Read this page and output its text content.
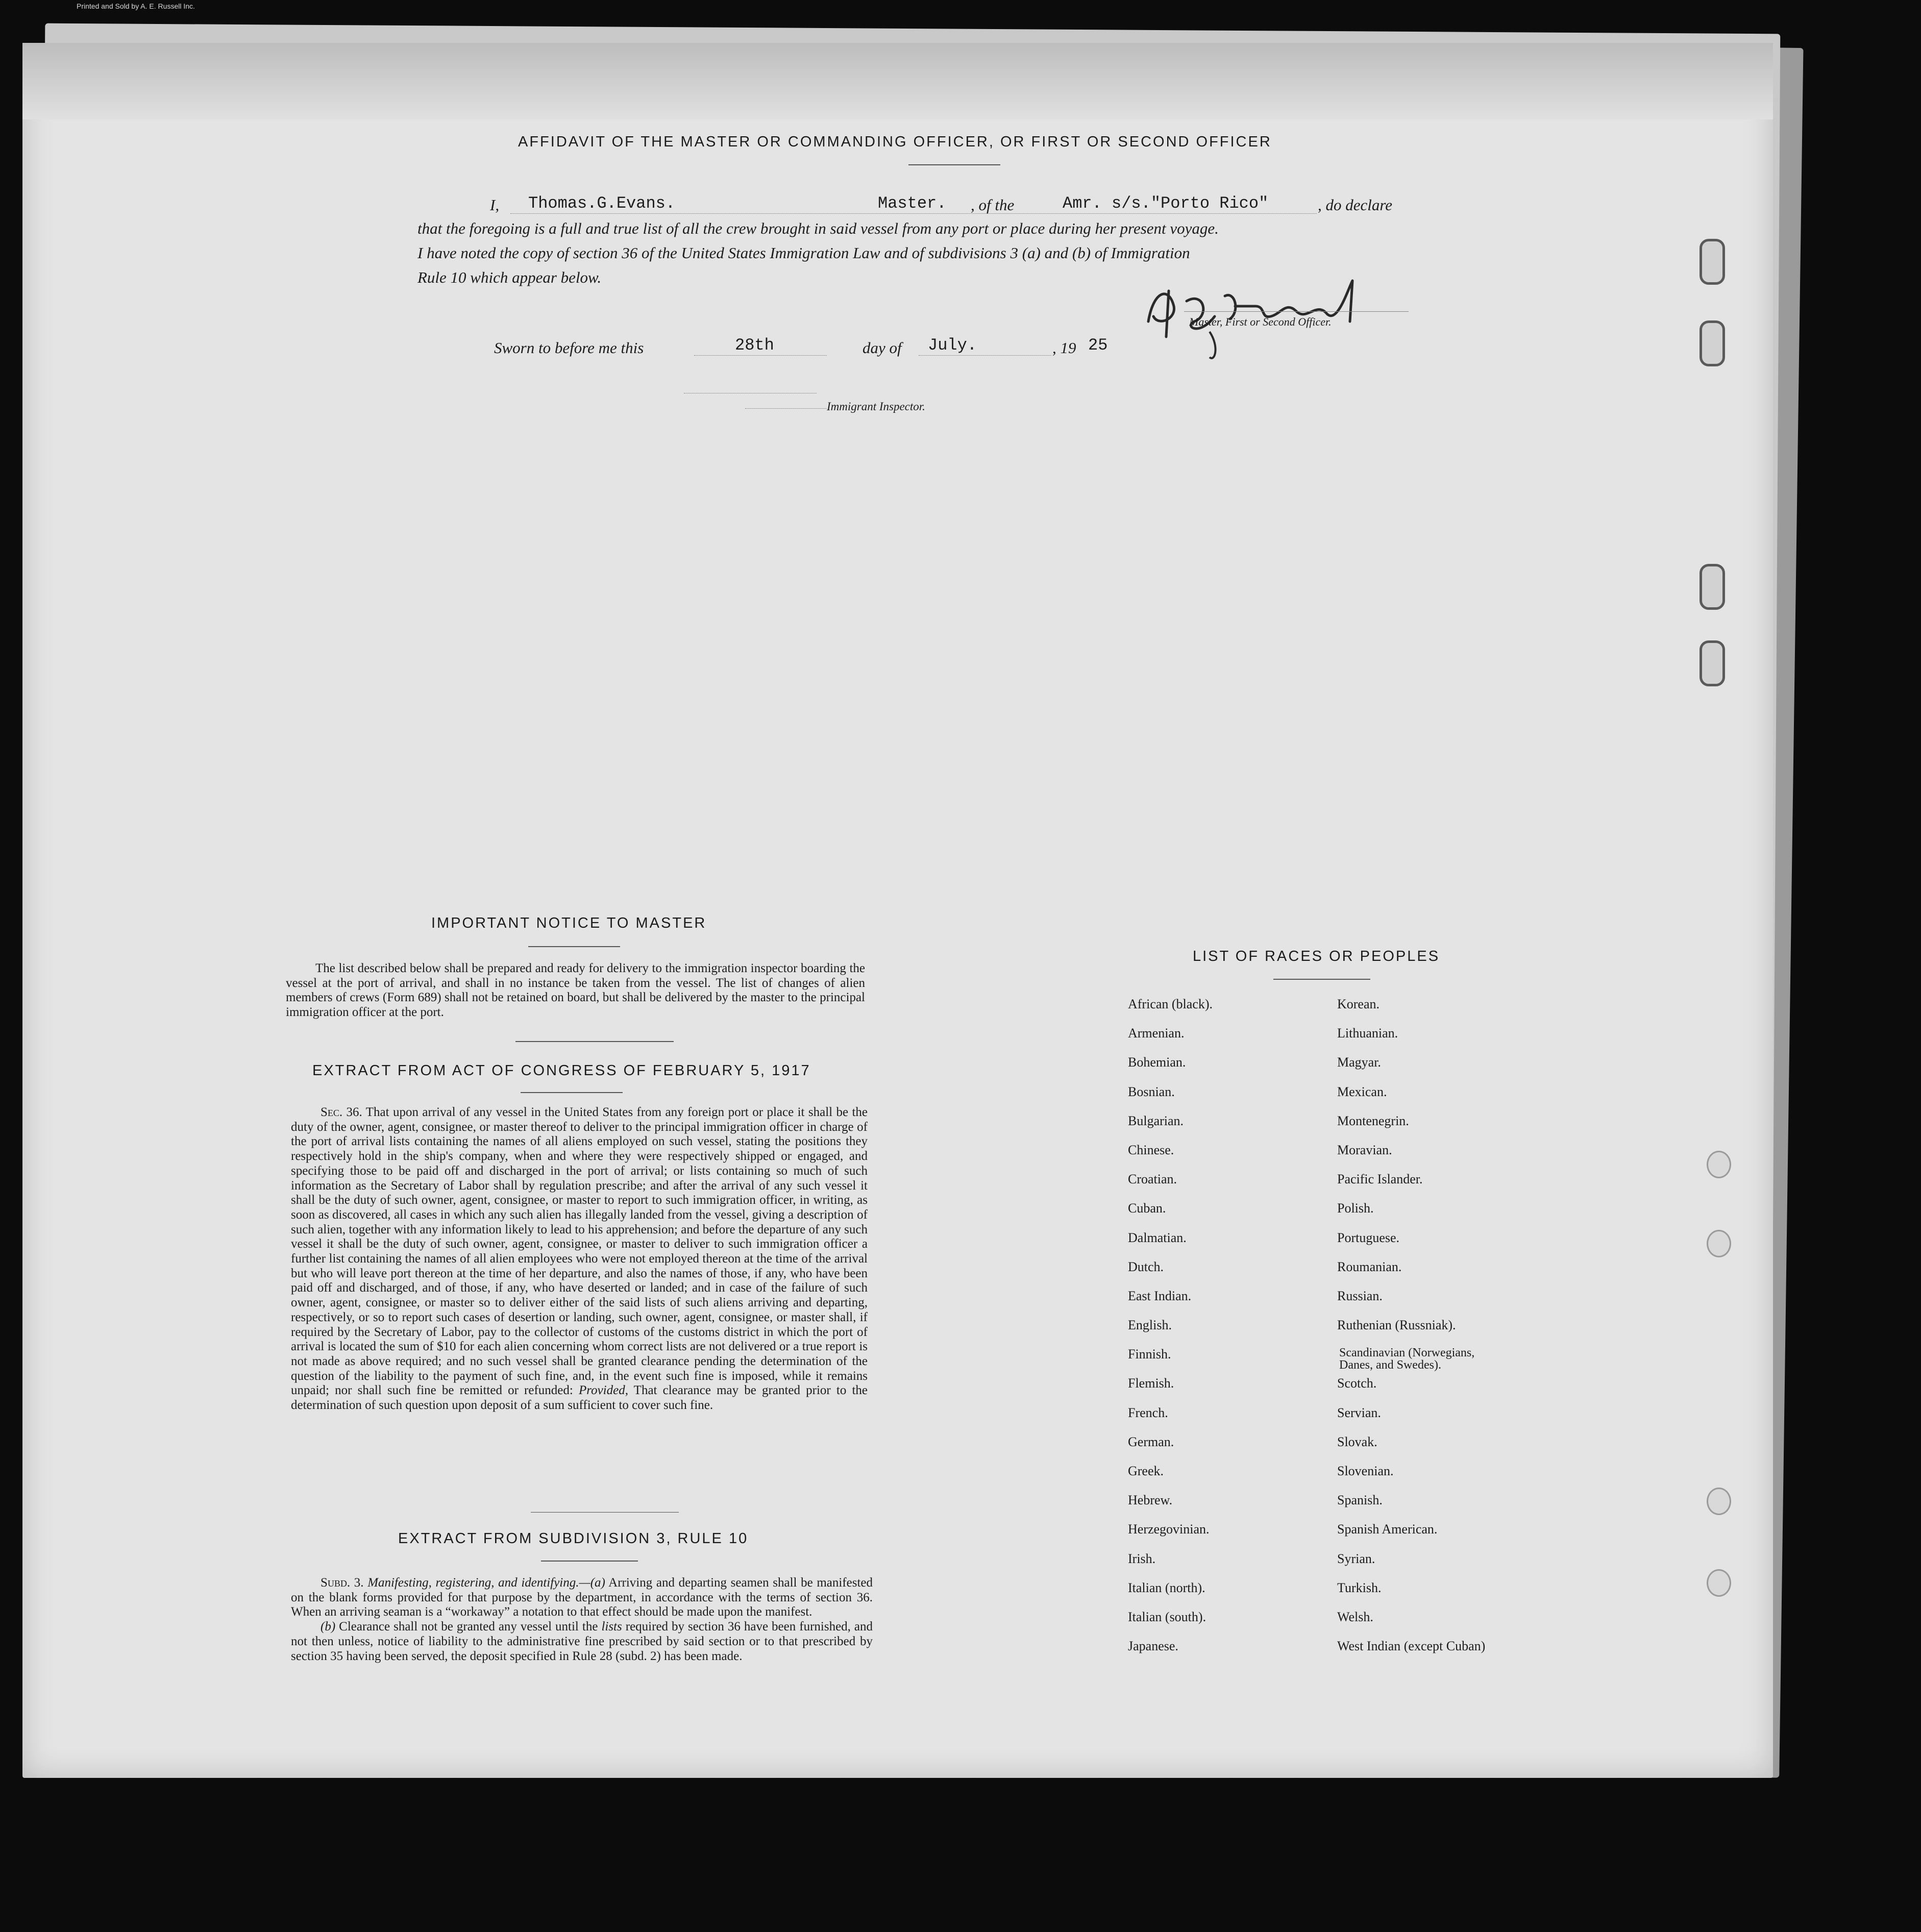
Printed and Sold by A. E. Russell Inc.
AFFIDAVIT OF THE MASTER OR COMMANDING OFFICER, OR FIRST OR SECOND OFFICER
I, Thomas.G.Evans.	Master. , of the	Amr. s/s."Porto Rico"	, do declare
that the foregoing is a full and true list of all the crew brought in said vessel from any port or place during her present voyage.
I have noted the copy of section 36 of the United States Immigration Law and of subdivisions 3 (a) and (b) of Immigration
Rule 10 which appear below.
Sworn to before me this	28th	day of July.	, 19 25
Master, First or Second Officer.
Immigrant Inspector.
IMPORTANT NOTICE TO MASTER

The list described below shall be prepared and ready for delivery to the immigration inspector boarding the vessel at the port of arrival, and shall in no instance be taken from the vessel. The list of changes of alien members of crews (Form 689) shall not be retained on board, but shall be delivered by the master to the principal immigration officer at the port.

EXTRACT FROM ACT OF CONGRESS OF FEBRUARY 5, 1917

Sec. 36. That upon arrival of any vessel in the United States from any foreign port or place it shall be the duty of the owner, agent, consignee, or master thereof to deliver to the principal immigration officer in charge of the port of arrival lists containing the names of all aliens employed on such vessel, stating the positions they respectively hold in the ship's company, when and where they were respectively shipped or engaged, and specifying those to be paid off and discharged in the port of arrival; or lists containing so much of such information as the Secretary of Labor shall by regulation prescribe; and after the arrival of any such vessel it shall be the duty of such owner, agent, consignee, or master to report to such immigration officer, in writing, as soon as discovered, all cases in which any such alien has illegally landed from the vessel, giving a description of such alien, together with any information likely to lead to his apprehension; and before the departure of any such vessel it shall be the duty of such owner, agent, consignee, or master to deliver to such immigration officer a further list containing the names of all alien employees who were not employed thereon at the time of the arrival but who will leave port thereon at the time of her departure, and also the names of those, if any, who have been paid off and discharged, and of those, if any, who have deserted or landed; and in case of the failure of such owner, agent, consignee, or master so to deliver either of the said lists of such aliens arriving and departing, respectively, or so to report such cases of desertion or landing, such owner, agent, consignee, or master shall, if required by the Secretary of Labor, pay to the collector of customs of the customs district in which the port of arrival is located the sum of $10 for each alien concerning whom correct lists are not delivered or a true report is not made as above required; and no such vessel shall be granted clearance pending the determination of the question of the liability to the payment of such fine, and, in the event such fine is imposed, while it remains unpaid; nor shall such fine be remitted or refunded: Provided, That clearance may be granted prior to the determination of such question upon deposit of a sum sufficient to cover such fine.

EXTRACT FROM SUBDIVISION 3, RULE 10

Subd. 3. Manifesting, registering, and identifying.—(a) Arriving and departing seamen shall be manifested on the blank forms provided for that purpose by the department, in accordance with the terms of section 36. When an arriving seaman is a “workaway” a notation to that effect should be made upon the manifest.

(b) Clearance shall not be granted any vessel until the lists required by section 36 have been furnished, and not then unless, notice of liability to the administrative fine prescribed by said section or to that prescribed by section 35 having been served, the deposit specified in Rule 28 (subd. 2) has been made.

LIST OF RACES OR PEOPLES
African (black).	Korean.
Armenian.	Lithuanian.
Bohemian.	Magyar.
Bosnian.	Mexican.
Bulgarian.	Montenegrin.
Chinese.	Moravian.
Croatian.	Pacific Islander.
Cuban.	Polish.
Dalmatian.	Portuguese.
Dutch.	Roumanian.
East Indian.	Russian.
English.	Ruthenian (Russniak).
Finnish.	Scandinavian (Norwegians, Danes, and Swedes).
Flemish.	Scotch.
French.	Servian.
German.	Slovak.
Greek.	Slovenian.
Hebrew.	Spanish.
Herzegovinian.	Spanish American.
Irish.	Syrian.
Italian (north).	Turkish.
Italian (south).	Welsh.
Japanese.	West Indian (except Cuban)
